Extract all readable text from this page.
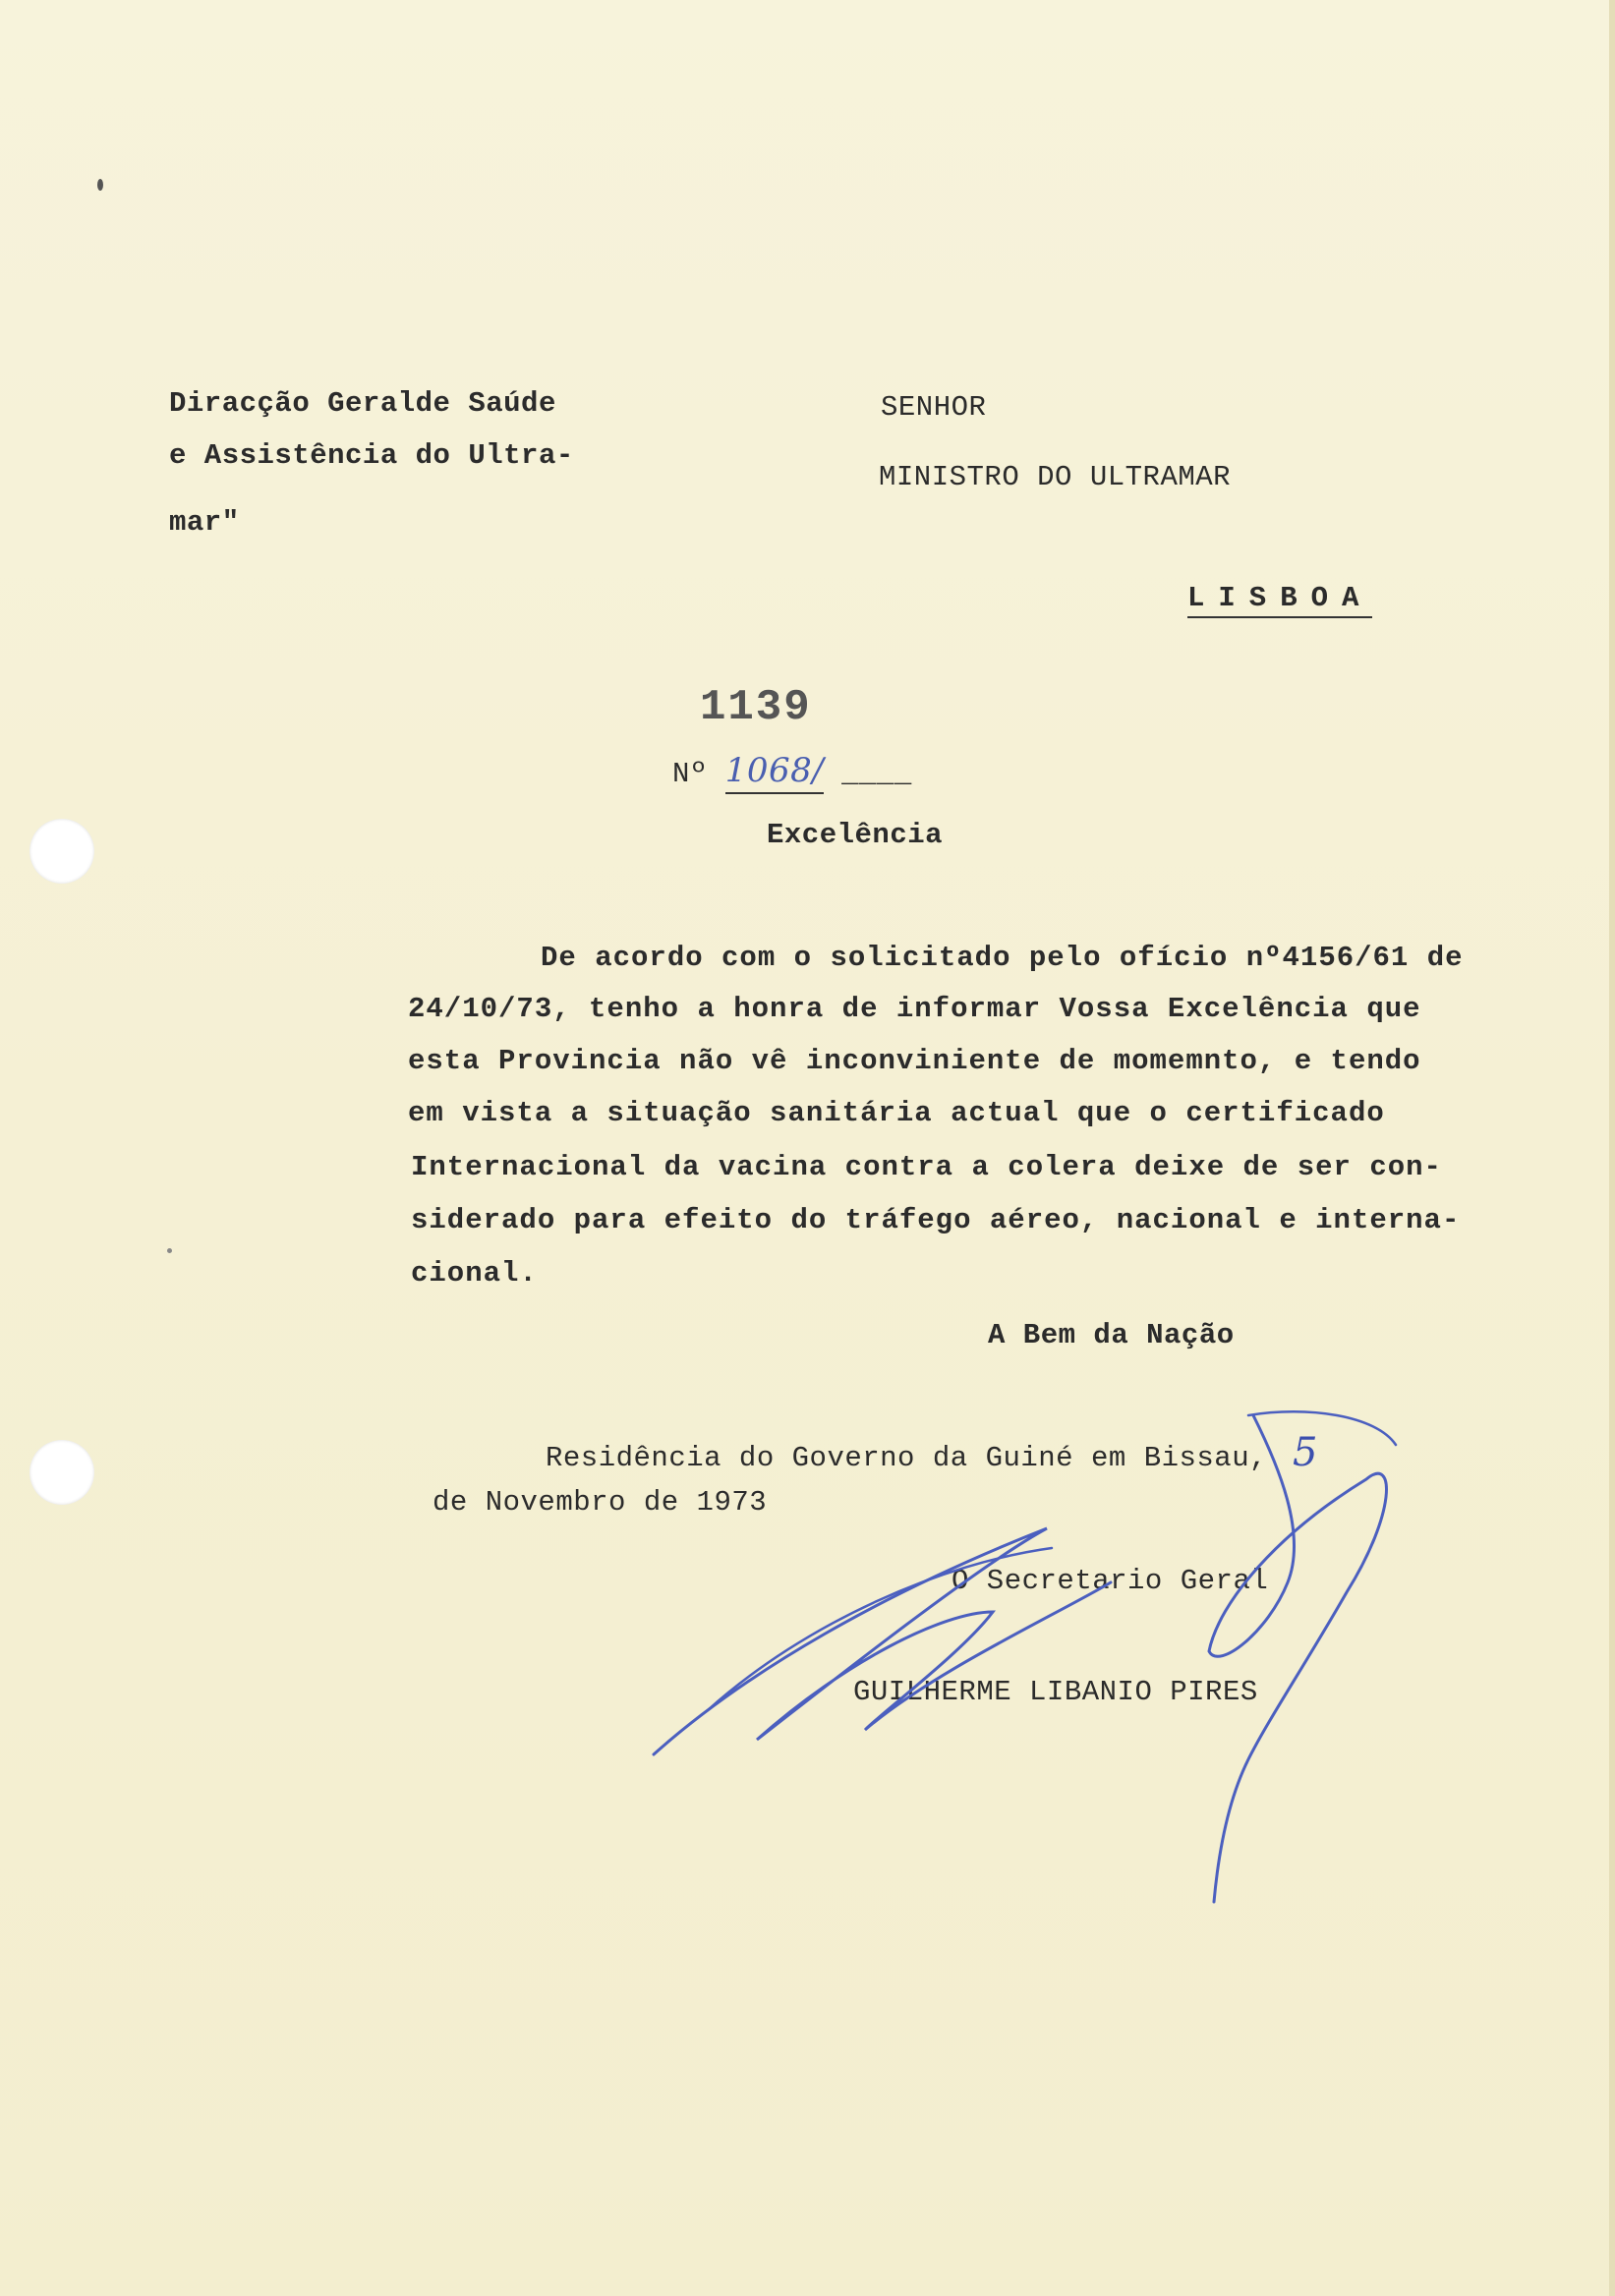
Diracção Geralde Saúde
e Assistência do Ultra-
mar"
SENHOR
MINISTRO DO ULTRAMAR
LISBOA
1139
Nº 1068/ ____
Excelência
De acordo com o solicitado pelo ofício nº4156/61 de
24/10/73, tenho a honra de informar Vossa Excelência que
esta Provincia não vê inconviniente de momemnto, e tendo
em vista a situação sanitária actual que o certificado
Internacional da vacina contra a colera deixe de ser con-
siderado para efeito do tráfego aéreo, nacional e interna-
cional.
A Bem da Nação
Residência do Governo da Guiné em Bissau, 5
de Novembro de 1973
O Secretario Geral
GUILHERME LIBANIO PIRES
